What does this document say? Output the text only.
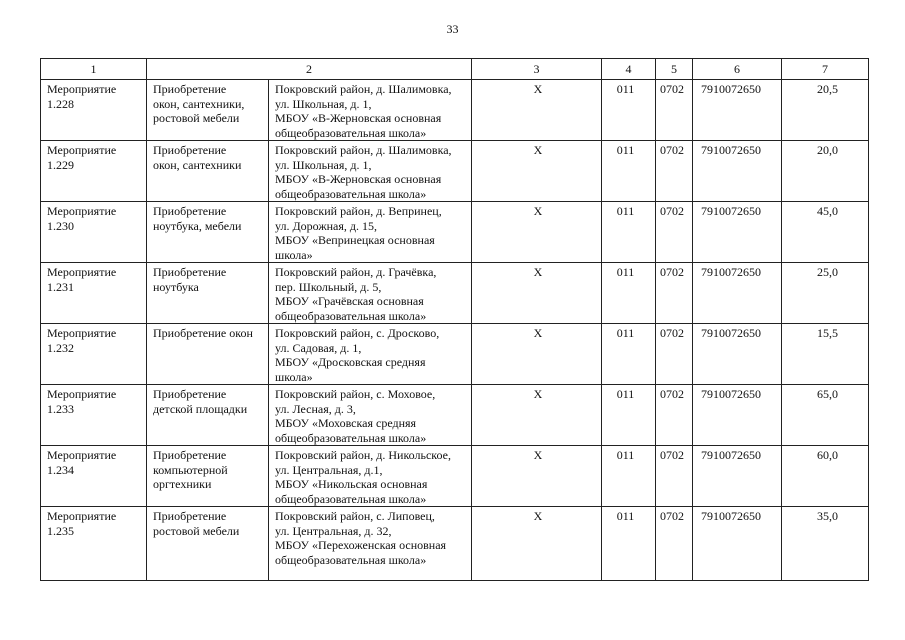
33
1	2		3	4	5	6	7

Мероприятие
1.228	Приобретение
окон, сантехники,
ростовой мебели	Покровский район, д. Шалимовка,
ул. Школьная, д. 1,
МБОУ «В-Жерновская основная
общеобразовательная школа»	X	011	0702	7910072650	20,5

Мероприятие
1.229	Приобретение
окон, сантехники	Покровский район, д. Шалимовка,
ул. Школьная, д. 1,
МБОУ «В-Жерновская основная
общеобразовательная школа»	X	011	0702	7910072650	20,0

Мероприятие
1.230	Приобретение
ноутбука, мебели	Покровский район, д. Вепринец,
ул. Дорожная, д. 15,
МБОУ «Вепринецкая основная
школа»	X	011	0702	7910072650	45,0

Мероприятие
1.231	Приобретение
ноутбука	Покровский район, д. Грачёвка,
пер. Школьный, д. 5,
МБОУ «Грачёвская основная
общеобразовательная школа»	X	011	0702	7910072650	25,0

Мероприятие
1.232	Приобретение окон	Покровский район, с. Дросково,
ул. Садовая, д. 1,
МБОУ «Дросковская средняя
школа»	X	011	0702	7910072650	15,5

Мероприятие
1.233	Приобретение
детской площадки	Покровский район, с. Моховое,
ул. Лесная, д. 3,
МБОУ «Моховская средняя
общеобразовательная школа»	X	011	0702	7910072650	65,0

Мероприятие
1.234	Приобретение
компьютерной
оргтехники	Покровский район, д. Никольское,
ул. Центральная, д.1,
МБОУ «Никольская основная
общеобразовательная школа»	X	011	0702	7910072650	60,0

Мероприятие
1.235	Приобретение
ростовой мебели	Покровский район, с. Липовец,
ул. Центральная, д. 32,
МБОУ «Перехоженская основная
общеобразовательная школа»	X	011	0702	7910072650	35,0
